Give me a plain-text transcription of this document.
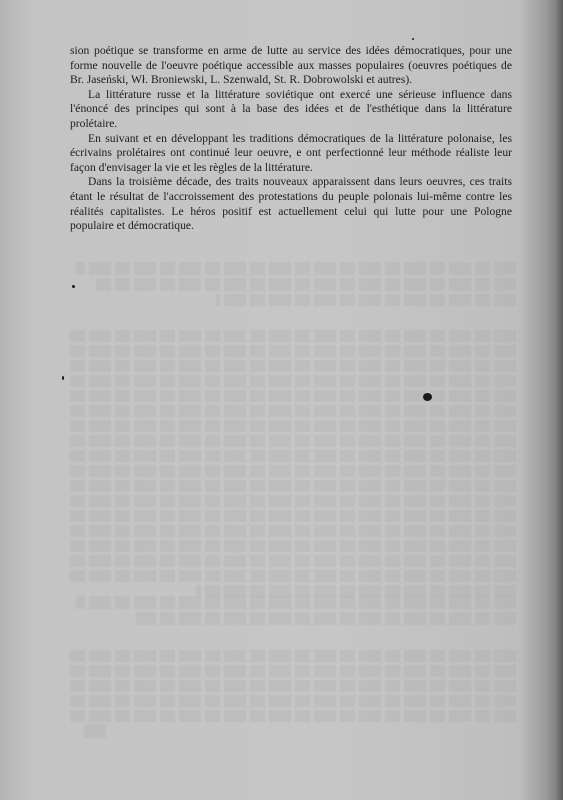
sion poétique se transforme en arme de lutte au service des idées démocratiques, pour une forme nouvelle de l'oeuvre poétique accessible aux masses populaires (oeuvres poétiques de Br. Jaseński, Wł. Broniewski, L. Szenwald, St. R. Dobrowolski et autres).

La littérature russe et la littérature soviétique ont exercé une sérieuse influence dans l'énoncé des principes qui sont à la base des idées et de l'esthétique dans la littérature prolétaire.

En suivant et en développant les traditions démocratiques de la littérature polonaise, les écrivains prolétaires ont continué leur oeuvre, e ont perfectionné leur méthode réaliste leur façon d'envisager la vie et les règles de la littérature.

Dans la troisième décade, des traits nouveaux apparaissent dans leurs oeuvres, ces traits étant le résultat de l'accroissement des protestations du peuple polonais lui-même contre les réalités capitalistes. Le héros positif est actuellement celui qui lutte pour une Pologne populaire et démocratique.
